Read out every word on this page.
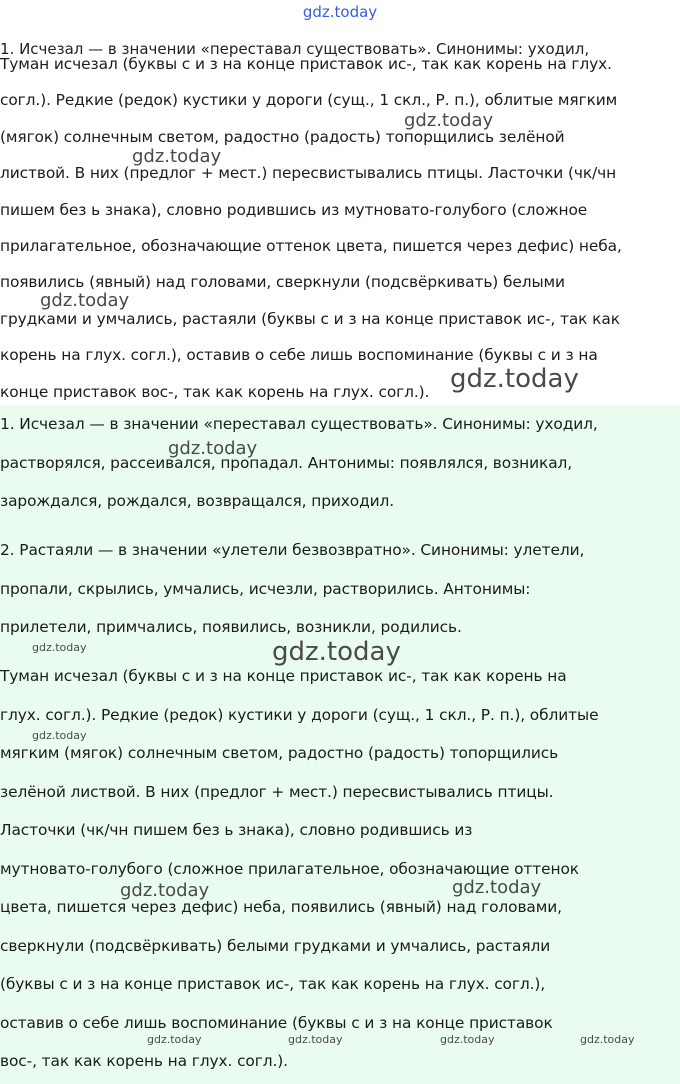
gdz.today
1. Исчезал — в значении «переставал существовать». Синонимы: уходил,
Туман исчезал (буквы с и з на конце приставок ис-, так как корень на глух.
согл.). Редкие (редок) кустики у дороги (сущ., 1 скл., Р. п.), облитые мягким
(мягок) солнечным светом, радостно (радость) топорщились зелёной
листвой. В них (предлог + мест.) пересвистывались птицы. Ласточки (чк/чн
пишем без ь знака), словно родившись из мутновато-голубого (сложное
прилагательное, обозначающие оттенок цвета, пишется через дефис) неба,
появились (явный) над головами, сверкнули (подсвёркивать) белыми
грудками и умчались, растаяли (буквы с и з на конце приставок ис-, так как
корень на глух. согл.), оставив о себе лишь воспоминание (буквы с и з на
конце приставок вос-, так как корень на глух. согл.).
1. Исчезал — в значении «переставал существовать». Синонимы: уходил,
растворялся, рассеивался, пропадал. Антонимы: появлялся, возникал,
зарождался, рождался, возвращался, приходил.
2. Растаяли — в значении «улетели безвозвратно». Синонимы: улетели,
пропали, скрылись, умчались, исчезли, растворились. Антонимы:
прилетели, примчались, появились, возникли, родились.
Туман исчезал (буквы с и з на конце приставок ис-, так как корень на
глух. согл.). Редкие (редок) кустики у дороги (сущ., 1 скл., Р. п.), облитые
мягким (мягок) солнечным светом, радостно (радость) топорщились
зелёной листвой. В них (предлог + мест.) пересвистывались птицы.
Ласточки (чк/чн пишем без ь знака), словно родившись из
мутновато-голубого (сложное прилагательное, обозначающие оттенок
цвета, пишется через дефис) неба, появились (явный) над головами,
сверкнули (подсвёркивать) белыми грудками и умчались, растаяли
(буквы с и з на конце приставок ис-, так как корень на глух. согл.),
оставив о себе лишь воспоминание (буквы с и з на конце приставок
вос-, так как корень на глух. согл.).
gdz.today
gdz.today
gdz.today
gdz.today
gdz.today
gdz.today	gdz.today
gdz.today
gdz.today	gdz.today
gdz.today	gdz.today	gdz.today	gdz.today
